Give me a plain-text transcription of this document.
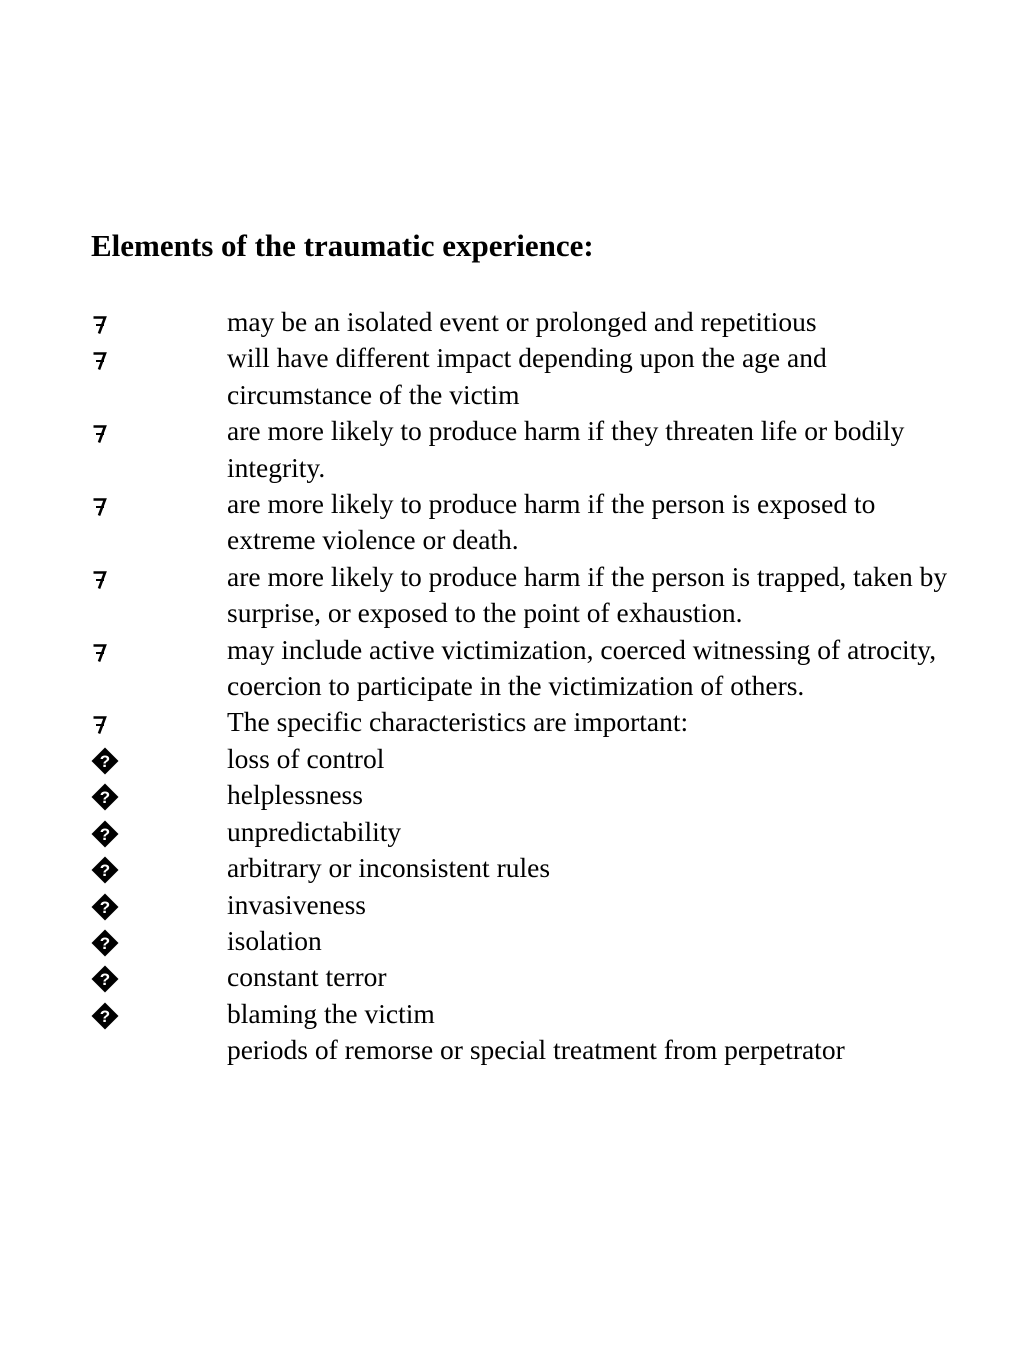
Elements of the traumatic experience:
may be an isolated event or prolonged and repetitious
will have different impact depending upon the age and circumstance of the victim
are more likely to produce harm if they threaten life or bodily integrity.
are more likely to produce harm if the person is exposed to extreme violence or death.
are more likely to produce harm if the person is trapped, taken by surprise, or exposed to the point of exhaustion.
may include active victimization, coerced witnessing of atrocity, coercion to participate in the victimization of others.
The specific characteristics are important:
?	loss of control
?	helplessness
?	unpredictability
?	arbitrary or inconsistent rules
?	invasiveness
?	isolation
?	constant terror
?	blaming the victim
periods of remorse or special treatment from perpetrator
